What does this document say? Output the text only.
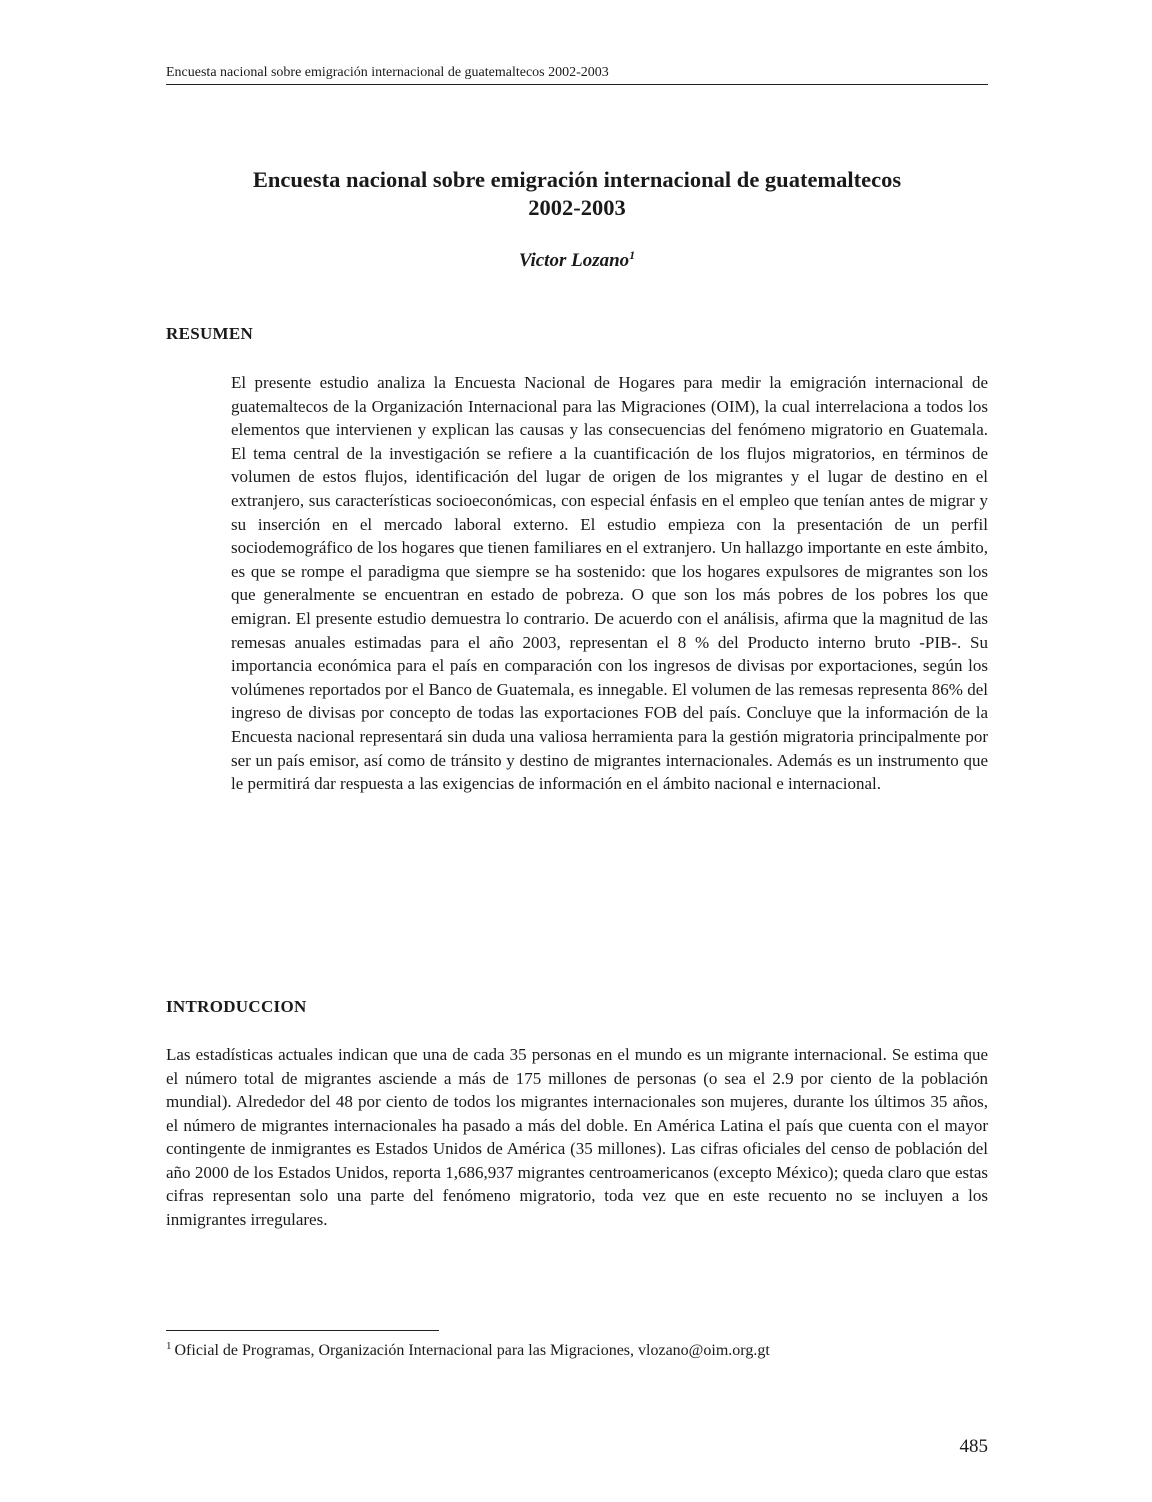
Encuesta nacional sobre emigración internacional de guatemaltecos 2002-2003
Encuesta nacional sobre emigración internacional de guatemaltecos
2002-2003
Victor Lozano$^1$
RESUMEN

El presente estudio analiza la Encuesta Nacional de Hogares para medir la emigración internacional de guatemaltecos de la Organización Internacional para las Migraciones (OIM), la cual interrelaciona a todos los elementos que intervienen y explican las causas y las consecuencias del fenómeno migratorio en Guatemala. El tema central de la investigación se refiere a la cuantificación de los flujos migratorios, en términos de volumen de estos flujos, identificación del lugar de origen de los migrantes y el lugar de destino en el extranjero, sus características socioeconómicas, con especial énfasis en el empleo que tenían antes de migrar y su inserción en el mercado laboral externo. El estudio empieza con la presentación de un perfil sociodemográfico de los hogares que tienen familiares en el extranjero. Un hallazgo importante en este ámbito, es que se rompe el paradigma que siempre se ha sostenido: que los hogares expulsores de migrantes son los que generalmente se encuentran en estado de pobreza. O que son los más pobres de los pobres los que emigran. El presente estudio demuestra lo contrario. De acuerdo con el análisis, afirma que la magnitud de las remesas anuales estimadas para el año 2003, representan el 8 % del Producto interno bruto -PIB-. Su importancia económica para el país en comparación con los ingresos de divisas por exportaciones, según los volúmenes reportados por el Banco de Guatemala, es innegable. El volumen de las remesas representa 86% del ingreso de divisas por concepto de todas las exportaciones FOB del país. Concluye que la información de la Encuesta nacional representará sin duda una valiosa herramienta para la gestión migratoria principalmente por ser un país emisor, así como de tránsito y destino de migrantes internacionales. Además es un instrumento que le permitirá dar respuesta a las exigencias de información en el ámbito nacional e internacional.

INTRODUCCION

Las estadísticas actuales indican que una de cada 35 personas en el mundo es un migrante internacional. Se estima que el número total de migrantes asciende a más de 175 millones de personas (o sea el 2.9 por ciento de la población mundial). Alrededor del 48 por ciento de todos los migrantes internacionales son mujeres, durante los últimos 35 años, el número de migrantes internacionales ha pasado a más del doble. En América Latina el país que cuenta con el mayor contingente de inmigrantes es Estados Unidos de América (35 millones). Las cifras oficiales del censo de población del año 2000 de los Estados Unidos, reporta 1,686,937 migrantes centroamericanos (excepto México); queda claro que estas cifras representan solo una parte del fenómeno migratorio, toda vez que en este recuento no se incluyen a los inmigrantes irregulares.

$^1$ Oficial de Programas, Organización Internacional para las Migraciones, vlozano@oim.org.gt
485
